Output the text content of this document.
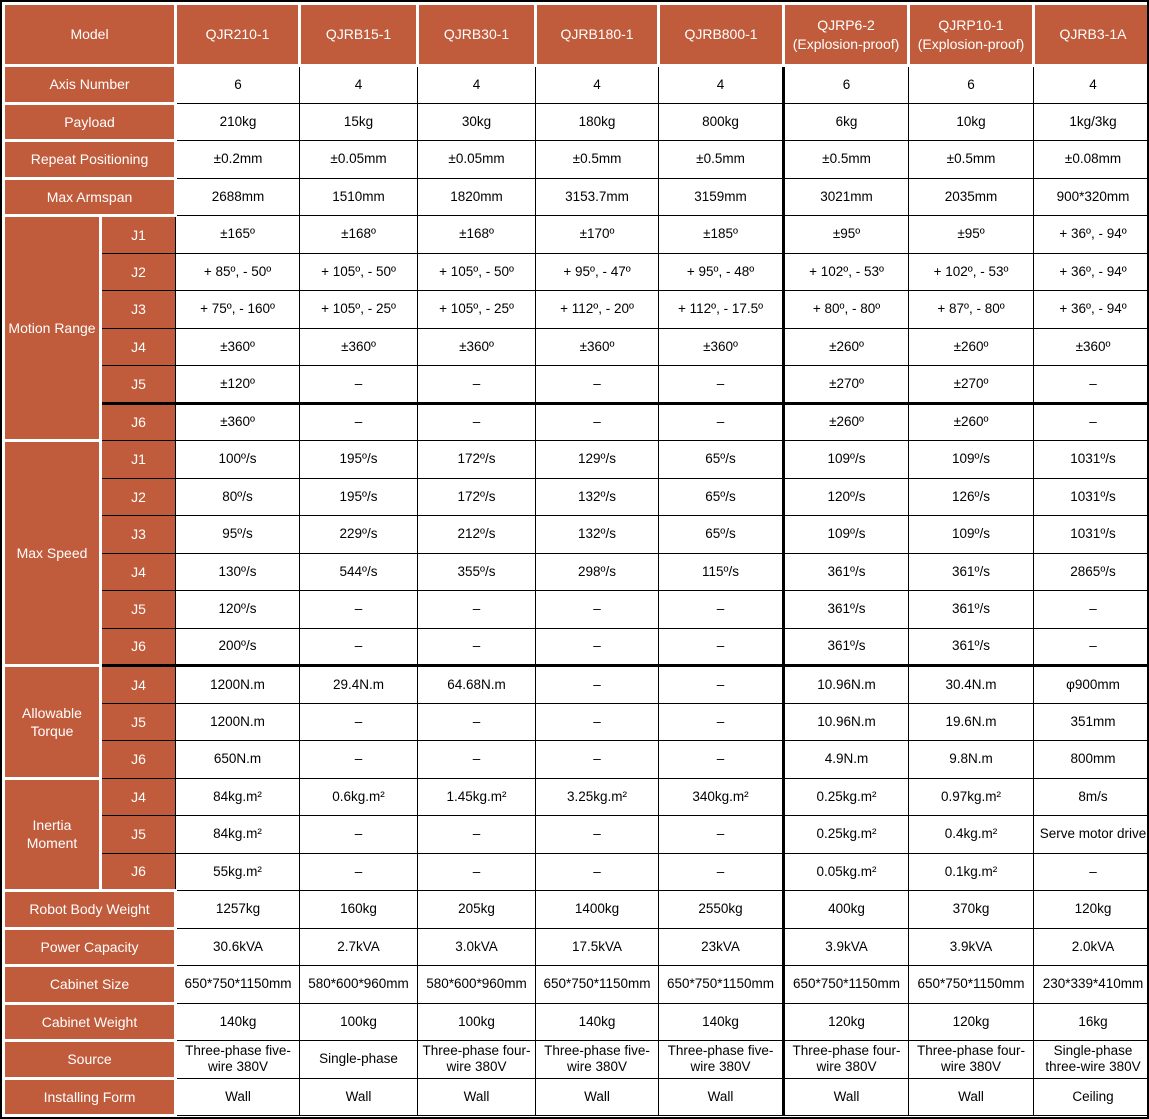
Model		QJR210-1	QJRB15-1	QJRB30-1	QJRB180-1	QJRB800-1	QJRP6-2 (Explosion-proof)	QJRP10-1 (Explosion-proof)	QJRB3-1A
Axis Number		6	4	4	4	4	6	6	4
Payload		210kg	15kg	30kg	180kg	800kg	6kg	10kg	1kg/3kg
Repeat Positioning		±0.2mm	±0.05mm	±0.05mm	±0.5mm	±0.5mm	±0.5mm	±0.5mm	±0.08mm
Max Armspan		2688mm	1510mm	1820mm	3153.7mm	3159mm	3021mm	2035mm	900*320mm
Motion Range	J1	±165º	±168º	±168º	±170º	±185º	±95º	±95º	+ 36º, - 94º
	J2	+ 85º, - 50º	+ 105º, - 50º	+ 105º, - 50º	+ 95º, - 47º	+ 95º, - 48º	+ 102º, - 53º	+ 102º, - 53º	+ 36º, - 94º
	J3	+ 75º, - 160º	+ 105º, - 25º	+ 105º, - 25º	+ 112º, - 20º	+ 112º, - 17.5º	+ 80º, - 80º	+ 87º, - 80º	+ 36º, - 94º
	J4	±360º	±360º	±360º	±360º	±360º	±260º	±260º	±360º
	J5	±120º	–	–	–	–	±270º	±270º	–
	J6	±360º	–	–	–	–	±260º	±260º	–
Max Speed	J1	100º/s	195º/s	172º/s	129º/s	65º/s	109º/s	109º/s	1031º/s
	J2	80º/s	195º/s	172º/s	132º/s	65º/s	120º/s	126º/s	1031º/s
	J3	95º/s	229º/s	212º/s	132º/s	65º/s	109º/s	109º/s	1031º/s
	J4	130º/s	544º/s	355º/s	298º/s	115º/s	361º/s	361º/s	2865º/s
	J5	120º/s	–	–	–	–	361º/s	361º/s	–
	J6	200º/s	–	–	–	–	361º/s	361º/s	–
Allowable Torque	J4	1200N.m	29.4N.m	64.68N.m	–	–	10.96N.m	30.4N.m	φ900mm
	J5	1200N.m	–	–	–	–	10.96N.m	19.6N.m	351mm
	J6	650N.m	–	–	–	–	4.9N.m	9.8N.m	800mm
Inertia Moment	J4	84kg.m²	0.6kg.m²	1.45kg.m²	3.25kg.m²	340kg.m²	0.25kg.m²	0.97kg.m²	8m/s
	J5	84kg.m²	–	–	–	–	0.25kg.m²	0.4kg.m²	Serve motor drive
	J6	55kg.m²	–	–	–	–	0.05kg.m²	0.1kg.m²	–
Robot Body Weight		1257kg	160kg	205kg	1400kg	2550kg	400kg	370kg	120kg
Power Capacity		30.6kVA	2.7kVA	3.0kVA	17.5kVA	23kVA	3.9kVA	3.9kVA	2.0kVA
Cabinet Size		650*750*1150mm	580*600*960mm	580*600*960mm	650*750*1150mm	650*750*1150mm	650*750*1150mm	650*750*1150mm	230*339*410mm
Cabinet Weight		140kg	100kg	100kg	140kg	140kg	120kg	120kg	16kg
Source		Three-phase five-wire 380V	Single-phase	Three-phase four-wire 380V	Three-phase five-wire 380V	Three-phase five-wire 380V	Three-phase four-wire 380V	Three-phase four-wire 380V	Single-phase three-wire 380V
Installing Form		Wall	Wall	Wall	Wall	Wall	Wall	Wall	Ceiling
